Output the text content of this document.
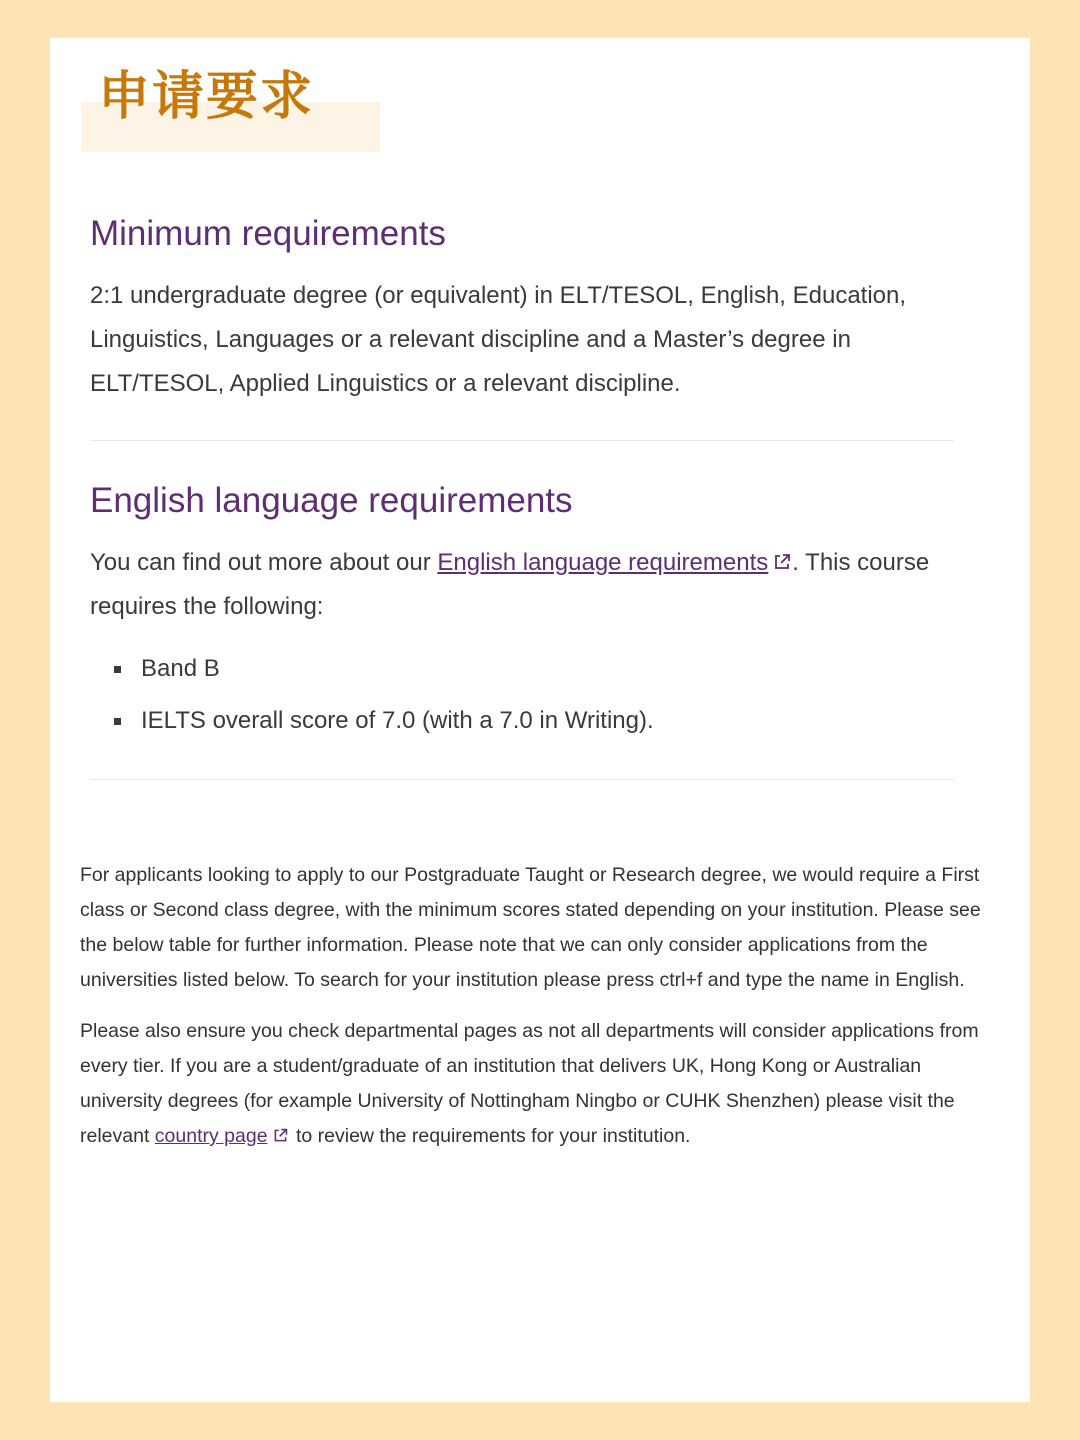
申请要求
Minimum requirements

2:1 undergraduate degree (or equivalent) in ELT/TESOL, English, Education, Linguistics, Languages or a relevant discipline and a Master’s degree in ELT/TESOL, Applied Linguistics or a relevant discipline.

English language requirements

You can find out more about our English language requirements . This course requires the following:

Band B
IELTS overall score of 7.0 (with a 7.0 in Writing).

For applicants looking to apply to our Postgraduate Taught or Research degree, we would require a First class or Second class degree, with the minimum scores stated depending on your institution. Please see the below table for further information. Please note that we can only consider applications from the universities listed below. To search for your institution please press ctrl+f and type the name in English.

Please also ensure you check departmental pages as not all departments will consider applications from every tier. If you are a student/graduate of an institution that delivers UK, Hong Kong or Australian university degrees (for example University of Nottingham Ningbo or CUHK Shenzhen) please visit the relevant country page
to review the requirements for your institution.
